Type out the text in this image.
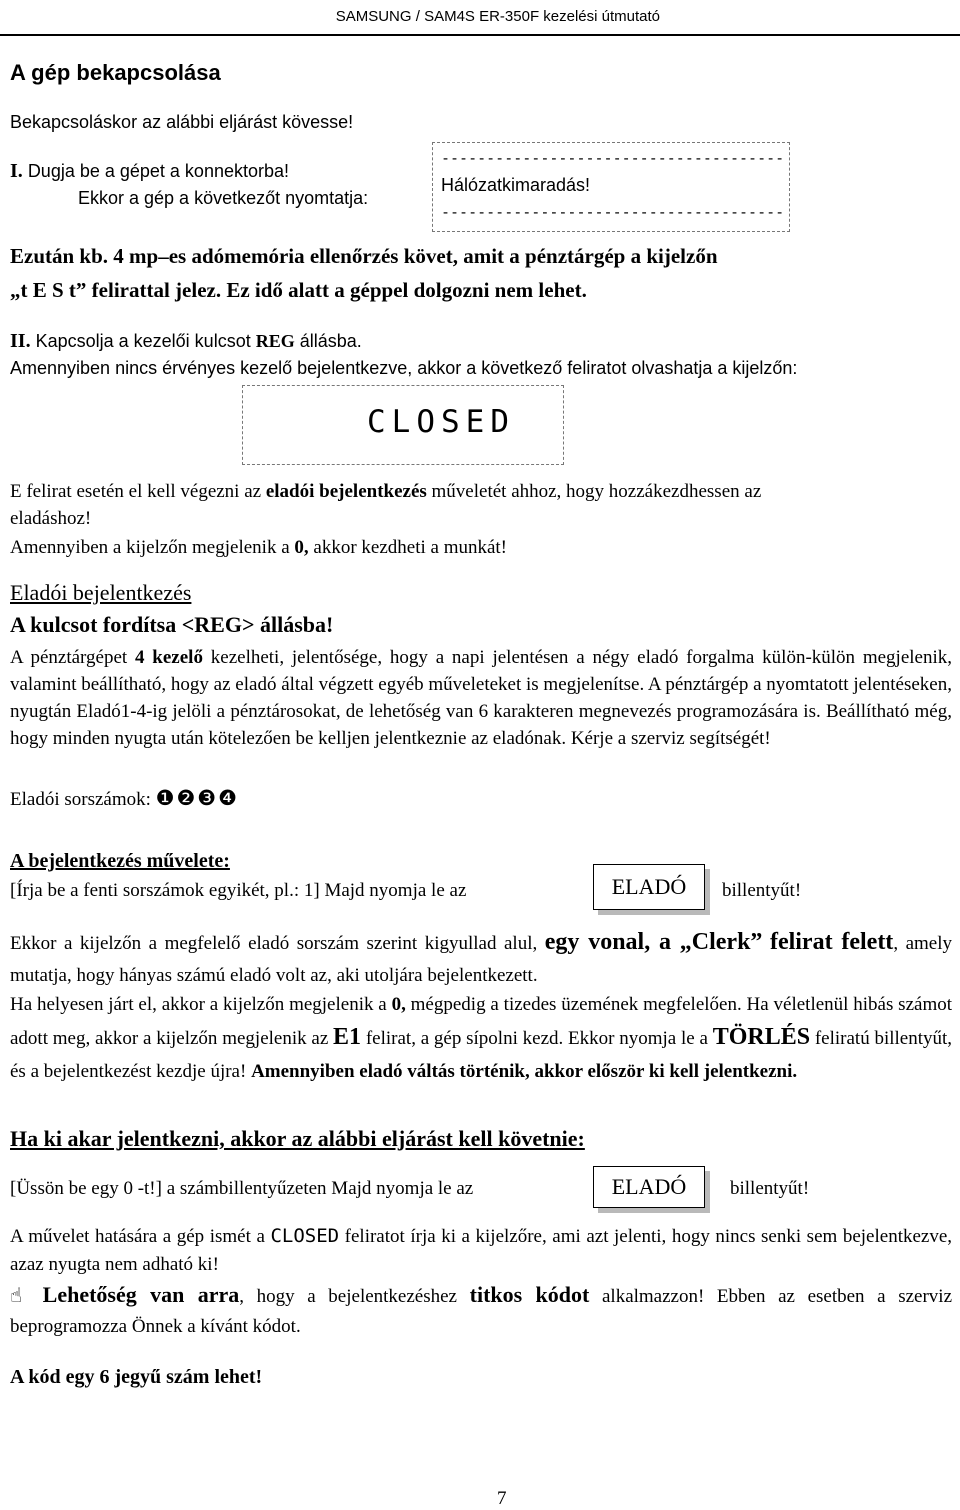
SAMSUNG / SAM4S ER-350F kezelési útmutató
A gép bekapcsolása
Bekapcsoláskor az alábbi eljárást kövesse!
I. Dugja be a gépet a konnektorba!
Ekkor a gép a következőt nyomtatja:
--------------------------------------
Hálózatkimaradás!
--------------------------------------
Ezután kb. 4 mp–es adómemória ellenőrzés követ, amit a pénztárgép a kijelzőn
„t E S t” felirattal jelez. Ez idő alatt a géppel dolgozni nem lehet.
II. Kapcsolja a kezelői kulcsot REG állásba.
Amennyiben nincs érvényes kezelő bejelentkezve, akkor a következő feliratot olvashatja a kijelzőn:
CLOSED
E felirat esetén el kell végezni az eladói bejelentkezés műveletét ahhoz, hogy hozzákezdhessen az
eladáshoz!
Amennyiben a kijelzőn megjelenik a 0, akkor kezdheti a munkát!
Eladói bejelentkezés
A kulcsot fordítsa <REG> állásba!
A pénztárgépet 4 kezelő kezelheti, jelentősége, hogy a napi jelentésen a négy eladó forgalma külön-külön megjelenik, valamint beállítható, hogy az eladó által végzett egyéb műveleteket is megjelenítse. A pénztárgép a nyomtatott jelentéseken, nyugtán Eladó1-4-ig jelöli a pénztárosokat, de lehetőség van 6 karakteren megnevezés programozására is. Beállítható még, hogy minden nyugta után kötelezően be kelljen jelentkeznie az eladónak. Kérje a szerviz segítségét!
Eladói sorszámok: ❶❷❸❹
A bejelentkezés művelete:
[Írja be a fenti sorszámok egyikét, pl.: 1] Majd nyomja le az	ELADÓ	billentyűt!
Ekkor a kijelzőn a megfelelő eladó sorszám szerint kigyullad alul, egy vonal, a „Clerk” felirat felett, amely mutatja, hogy hányas számú eladó volt az, aki utoljára bejelentkezett.
Ha helyesen járt el, akkor a kijelzőn megjelenik a 0, mégpedig a tizedes üzemének megfelelően. Ha véletlenül hibás számot adott meg, akkor a kijelzőn megjelenik az E1 felirat, a gép sípolni kezd. Ekkor nyomja le a TÖRLÉS feliratú billentyűt, és a bejelentkezést kezdje újra! Amennyiben eladó váltás történik, akkor először ki kell jelentkezni.
Ha ki akar jelentkezni, akkor az alábbi eljárást kell követnie:
[Üssön be egy 0 -t!] a számbillentyűzeten Majd nyomja le az	ELADÓ	billentyűt!
A művelet hatására a gép ismét a CLOSED feliratot írja ki a kijelzőre, ami azt jelenti, hogy nincs senki sem bejelentkezve, azaz nyugta nem adható ki!
☝ Lehetőség van arra, hogy a bejelentkezéshez titkos kódot alkalmazzon! Ebben az esetben a szerviz beprogramozza Önnek a kívánt kódot.
A kód egy 6 jegyű szám lehet!
7
